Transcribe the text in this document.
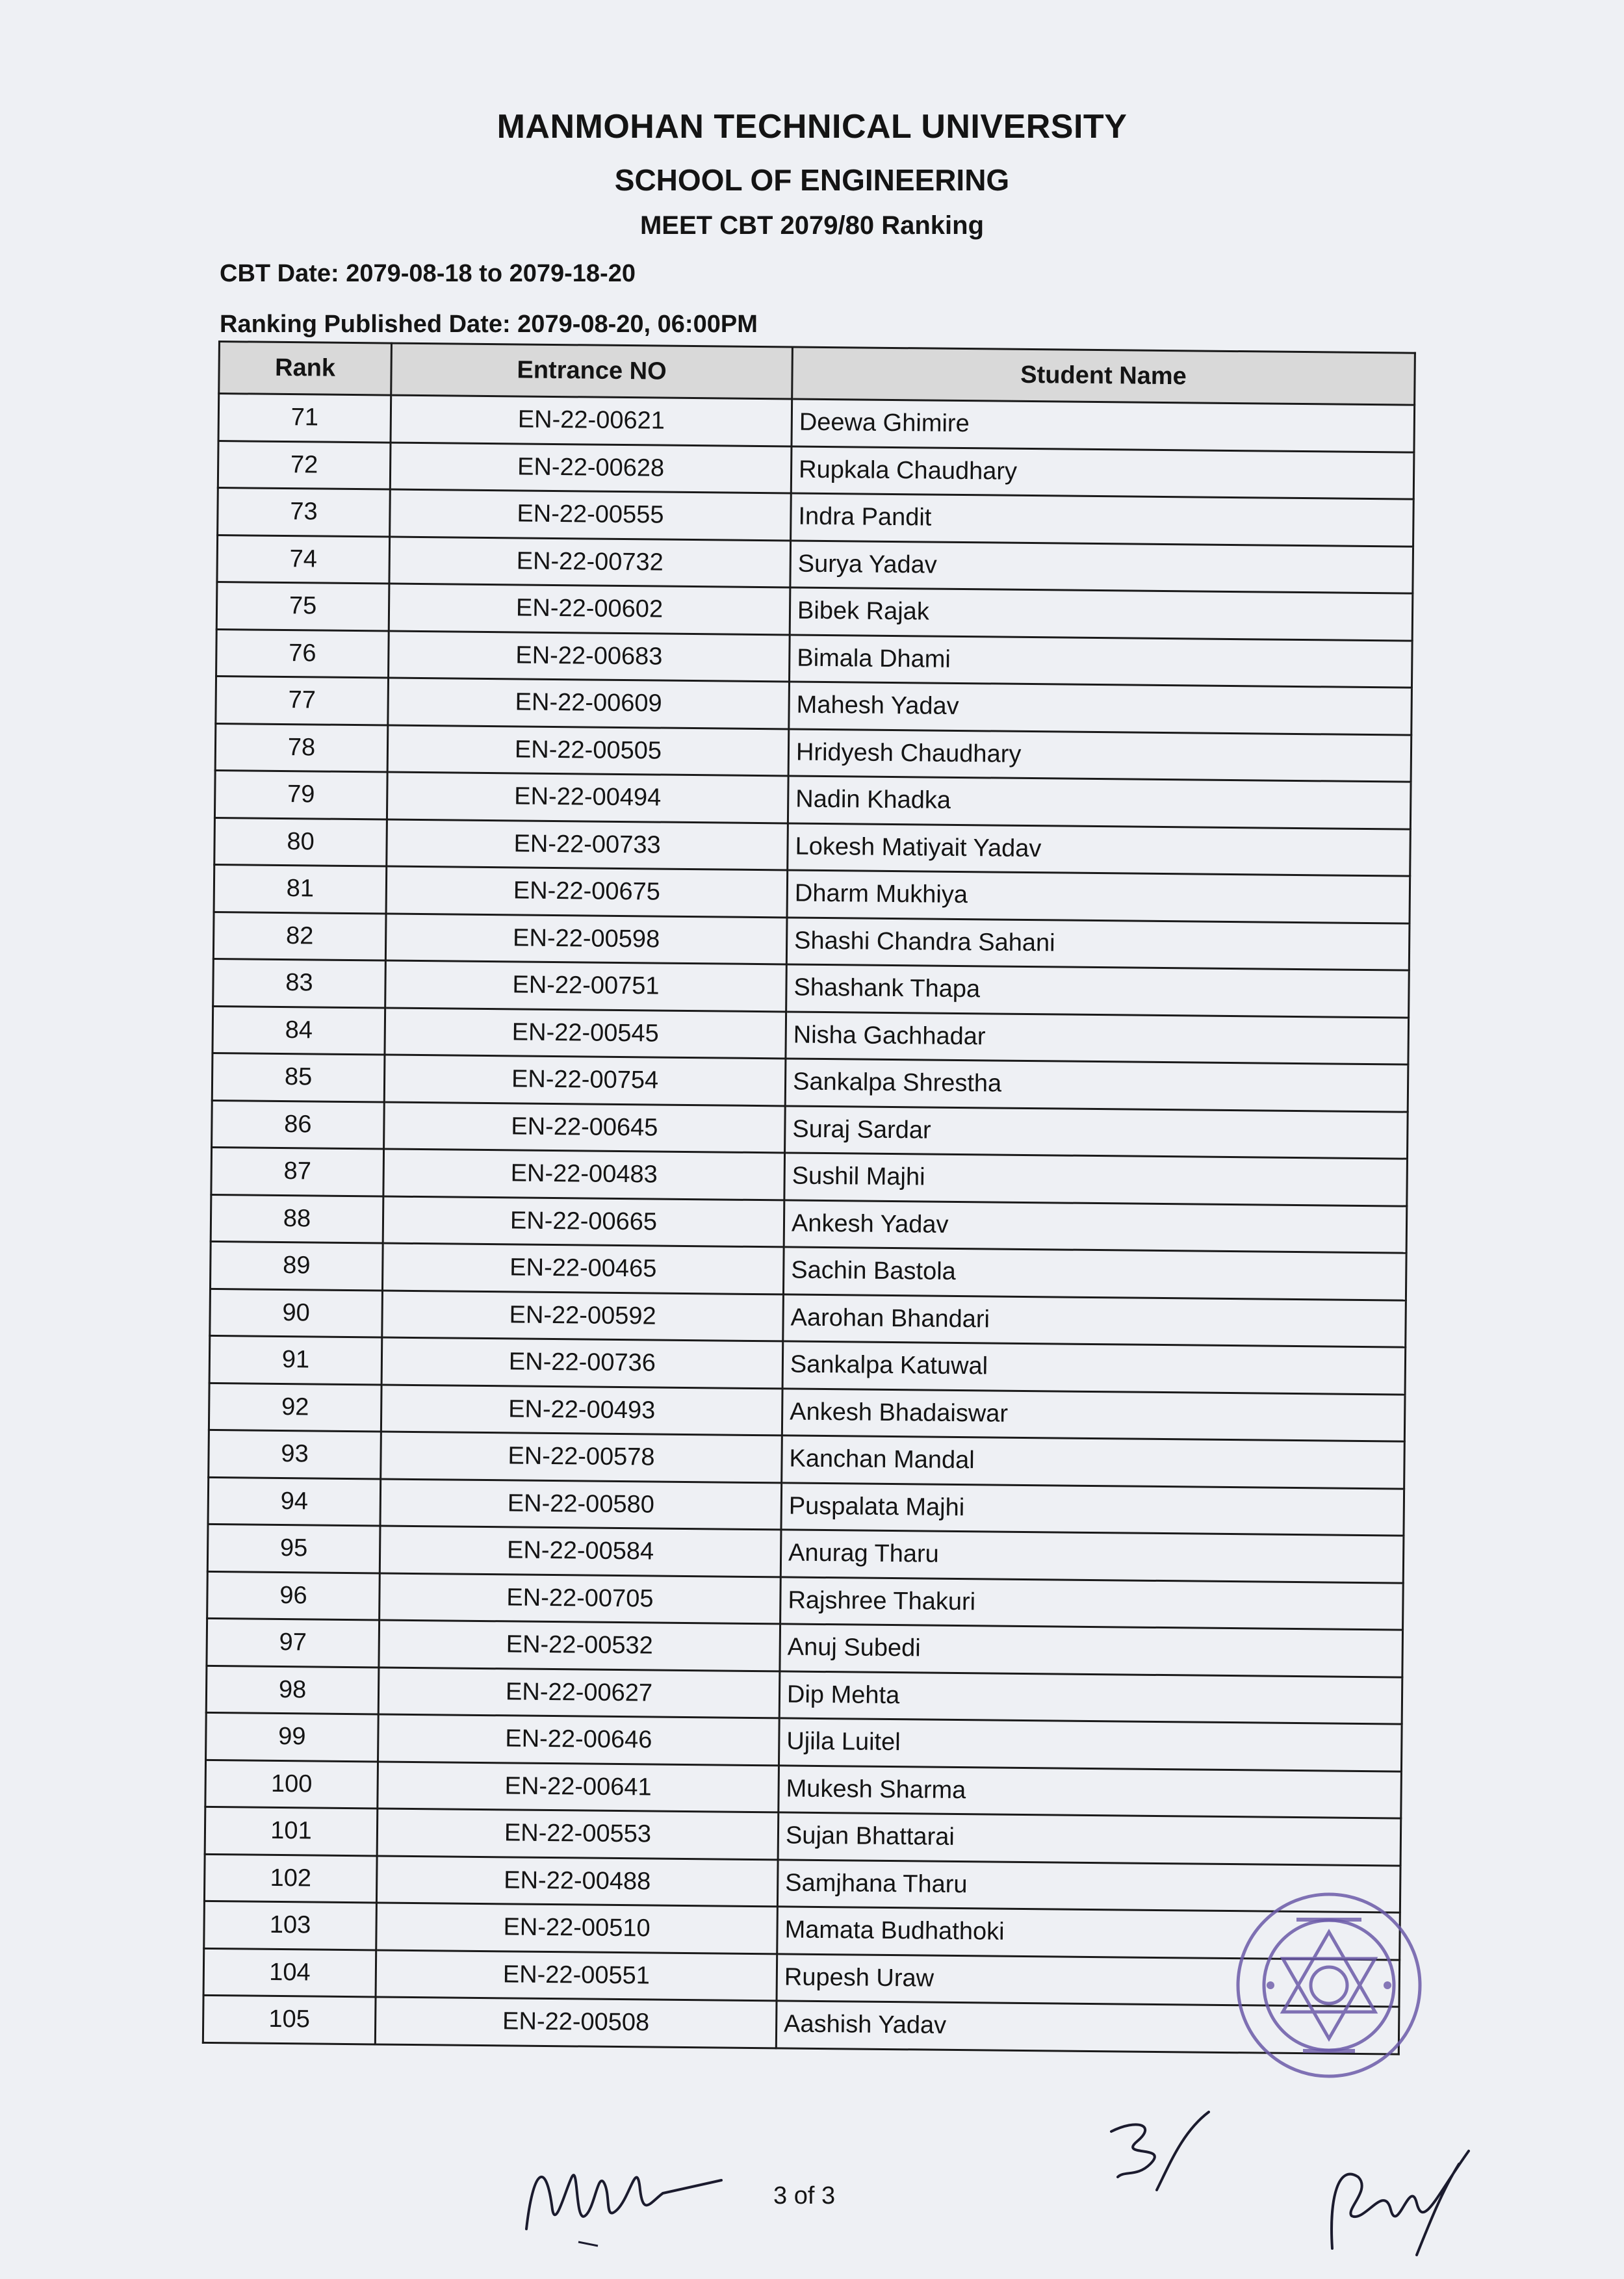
MANMOHAN TECHNICAL UNIVERSITY
SCHOOL OF ENGINEERING
MEET CBT 2079/80 Ranking
CBT Date: 2079-08-18 to 2079-18-20
Ranking Published Date: 2079-08-20, 06:00PM
Rank	Entrance NO	Student Name
71	EN-22-00621	Deewa Ghimire
72	EN-22-00628	Rupkala Chaudhary
73	EN-22-00555	Indra Pandit
74	EN-22-00732	Surya Yadav
75	EN-22-00602	Bibek Rajak
76	EN-22-00683	Bimala Dhami
77	EN-22-00609	Mahesh Yadav
78	EN-22-00505	Hridyesh Chaudhary
79	EN-22-00494	Nadin Khadka
80	EN-22-00733	Lokesh Matiyait Yadav
81	EN-22-00675	Dharm Mukhiya
82	EN-22-00598	Shashi Chandra Sahani
83	EN-22-00751	Shashank Thapa
84	EN-22-00545	Nisha Gachhadar
85	EN-22-00754	Sankalpa Shrestha
86	EN-22-00645	Suraj Sardar
87	EN-22-00483	Sushil Majhi
88	EN-22-00665	Ankesh Yadav
89	EN-22-00465	Sachin Bastola
90	EN-22-00592	Aarohan Bhandari
91	EN-22-00736	Sankalpa Katuwal
92	EN-22-00493	Ankesh Bhadaiswar
93	EN-22-00578	Kanchan Mandal
94	EN-22-00580	Puspalata Majhi
95	EN-22-00584	Anurag Tharu
96	EN-22-00705	Rajshree Thakuri
97	EN-22-00532	Anuj Subedi
98	EN-22-00627	Dip Mehta
99	EN-22-00646	Ujila Luitel
100	EN-22-00641	Mukesh Sharma
101	EN-22-00553	Sujan Bhattarai
102	EN-22-00488	Samjhana Tharu
103	EN-22-00510	Mamata Budhathoki
104	EN-22-00551	Rupesh Uraw
105	EN-22-00508	Aashish Yadav
3 of 3
